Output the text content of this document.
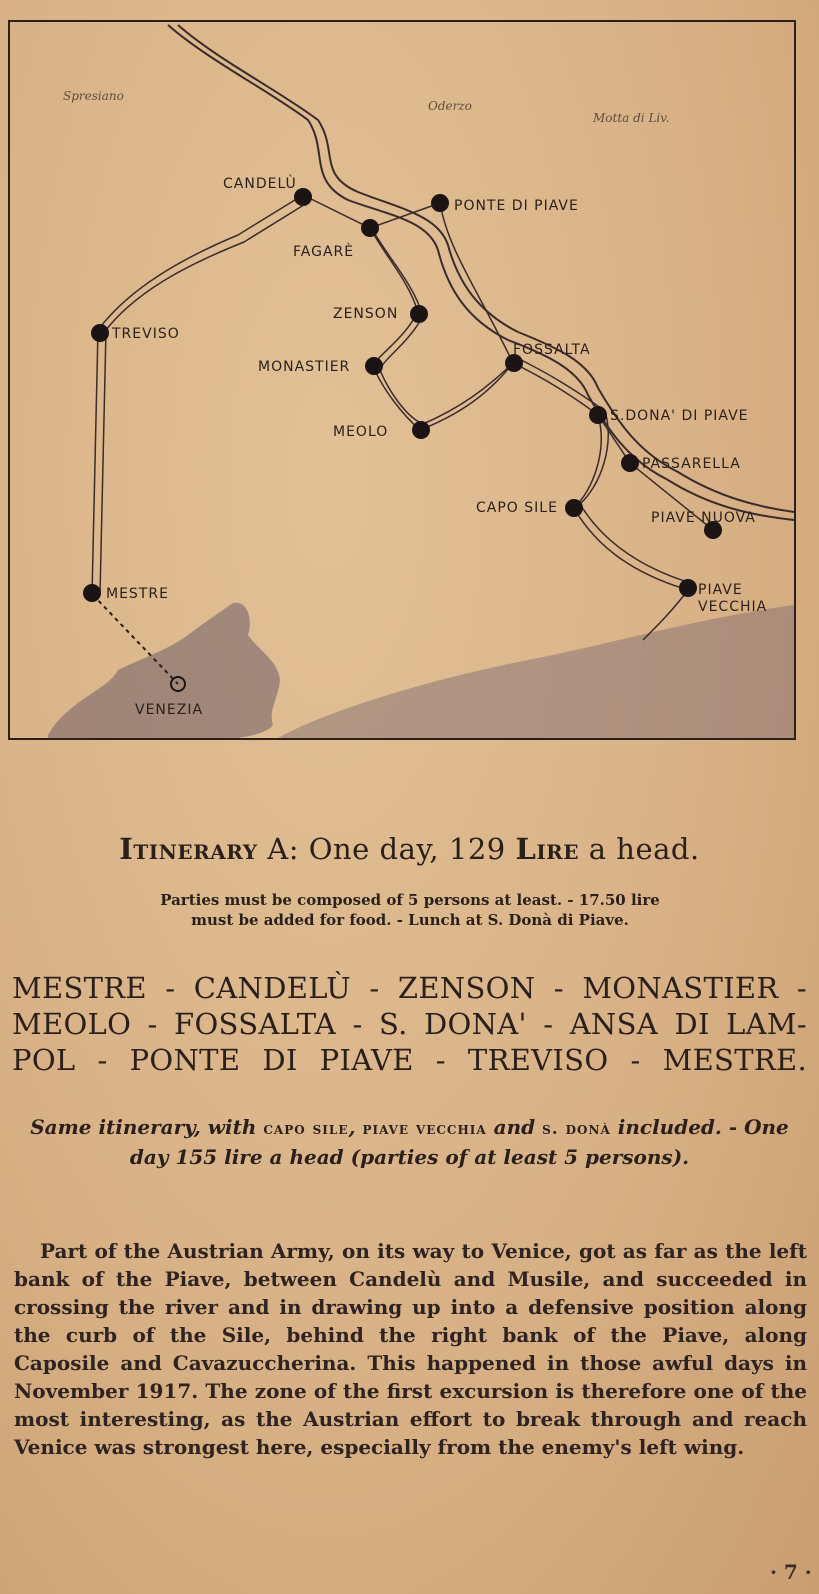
Spresiano
Oderzo
Motta di Liv.
CANDELÙ
PONTE DI PIAVE
FAGARÈ
TREVISO
ZENSON
MONASTIER
FOSSALTA
MEOLO
S.DONA' DI PIAVE
PASSARELLA
CAPO SILE
PIAVE NUOVA
MESTRE	PIAVE
VECCHIA
VENEZIA
Itinerary A: One day, 129 Lire a head.
Parties must be composed of 5 persons at least. - 17.50 lire
must be added for food. - Lunch at S. Donà di Piave.
MESTRE - CANDELÙ - ZENSON - MONASTIER - MEOLO - FOSSALTA - S. DONA' - ANSA DI LAM-POL - PONTE DI PIAVE - TREVISO - MESTRE.
Same itinerary, with capo sile, piave vecchia and s. donà included. - One day 155 lire a head (parties of at least 5 persons).
Part of the Austrian Army, on its way to Venice, got as far as the left bank of the Piave, between Candelù and Musile, and succeeded in crossing the river and in drawing up into a defensive position along the curb of the Sile, behind the right bank of the Piave, along Caposile and Cavazuccherina. This happened in those awful days in November 1917. The zone of the first excursion is therefore one of the most interesting, as the Austrian effort to break through and reach Venice was strongest here, especially from the enemy's left wing.
· 7 ·
